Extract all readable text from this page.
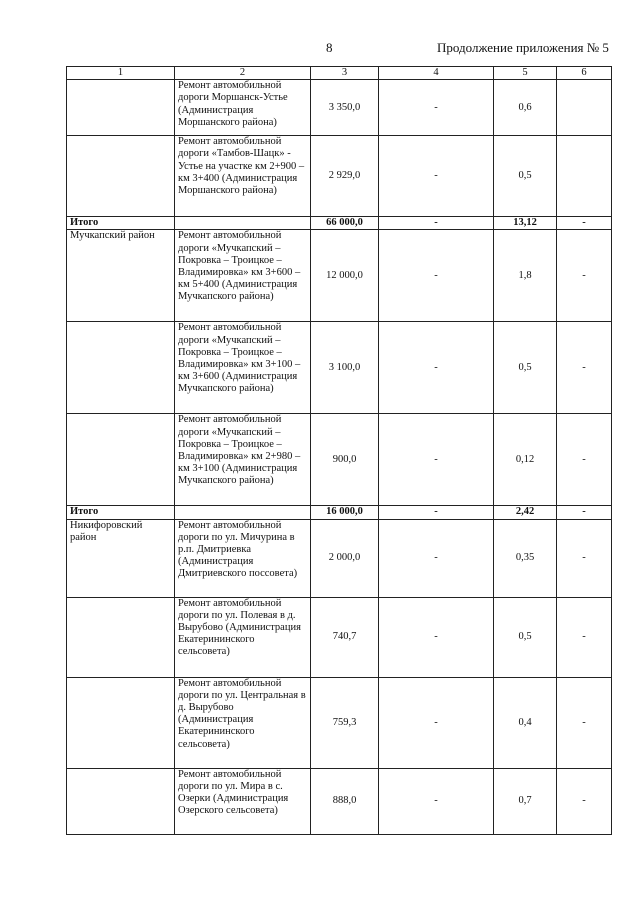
8	Продолжение приложения № 5
1	2	3	4	5	6
	Ремонт автомобильной дороги Моршанск-Устье (Администрация Моршанского района)	3 350,0	-	0,6	
	Ремонт автомобильной дороги «Тамбов-Шацк» - Устье на участке км 2+900 – км 3+400 (Администрация Моршанского района)	2 929,0	-	0,5	
Итого		66 000,0	-	13,12	-
Мучкапский район	Ремонт автомобильной дороги «Мучкапский – Покровка – Троицкое – Владимировка» км 3+600 – км 5+400 (Администрация Мучкапского района)	12 000,0	-	1,8	-
	Ремонт автомобильной дороги «Мучкапский – Покровка – Троицкое – Владимировка» км 3+100 – км 3+600 (Администрация Мучкапского района)	3 100,0	-	0,5	-
	Ремонт автомобильной дороги «Мучкапский – Покровка – Троицкое – Владимировка» км 2+980 – км 3+100 (Администрация Мучкапского района)	900,0	-	0,12	-
Итого		16 000,0	-	2,42	-
Никифоровский район	Ремонт автомобильной дороги по ул. Мичурина в р.п. Дмитриевка (Администрация Дмитриевского поссовета)	2 000,0	-	0,35	-
	Ремонт автомобильной дороги по ул. Полевая в д. Вырубово (Администрация Екатерининского сельсовета)	740,7	-	0,5	-
	Ремонт автомобильной дороги по ул. Центральная в д. Вырубово (Администрация Екатерининского сельсовета)	759,3	-	0,4	-
	Ремонт автомобильной дороги по ул. Мира в с. Озерки (Администрация Озерского сельсовета)	888,0	-	0,7	-
